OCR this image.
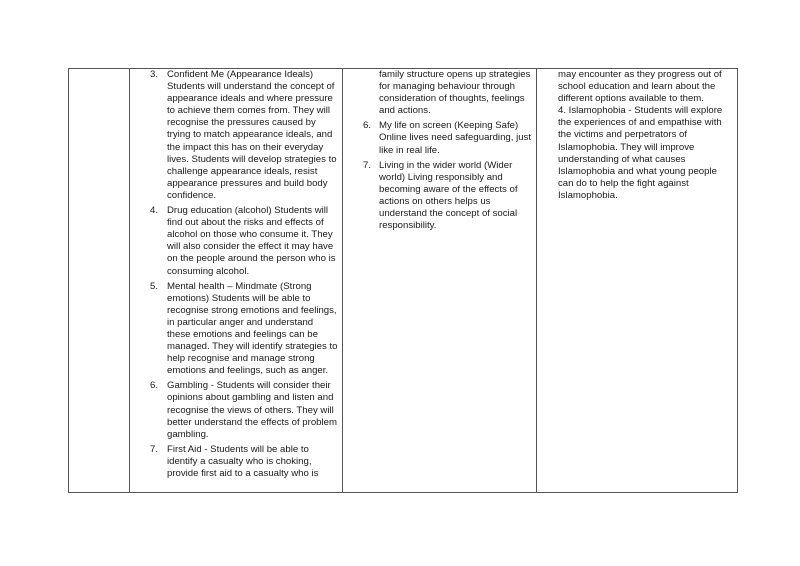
3. Confident Me (Appearance Ideals) Students will understand the concept of appearance ideals and where pressure to achieve them comes from. They will recognise the pressures caused by trying to match appearance ideals, and the impact this has on their everyday lives. Students will develop strategies to challenge appearance ideals, resist appearance pressures and build body confidence.
4. Drug education (alcohol) Students will find out about the risks and effects of alcohol on those who consume it. They will also consider the effect it may have on the people around the person who is consuming alcohol.
5. Mental health – Mindmate (Strong emotions) Students will be able to recognise strong emotions and feelings, in particular anger and understand these emotions and feelings can be managed. They will identify strategies to help recognise and manage strong emotions and feelings, such as anger.
6. Gambling - Students will consider their opinions about gambling and listen and recognise the views of others. They will better understand the effects of problem gambling.
7. First Aid - Students will be able to identify a casualty who is choking, provide first aid to a casualty who is

family structure opens up strategies for managing behaviour through consideration of thoughts, feelings and actions.
6. My life on screen (Keeping Safe) Online lives need safeguarding, just like in real life.
7. Living in the wider world (Wider world) Living responsibly and becoming aware of the effects of actions on others helps us understand the concept of social responsibility.

may encounter as they progress out of school education and learn about the different options available to them.

4. Islamophobia - Students will explore the experiences of and empathise with the victims and perpetrators of Islamophobia. They will improve understanding of what causes Islamophobia and what young people can do to help the fight against Islamophobia.
